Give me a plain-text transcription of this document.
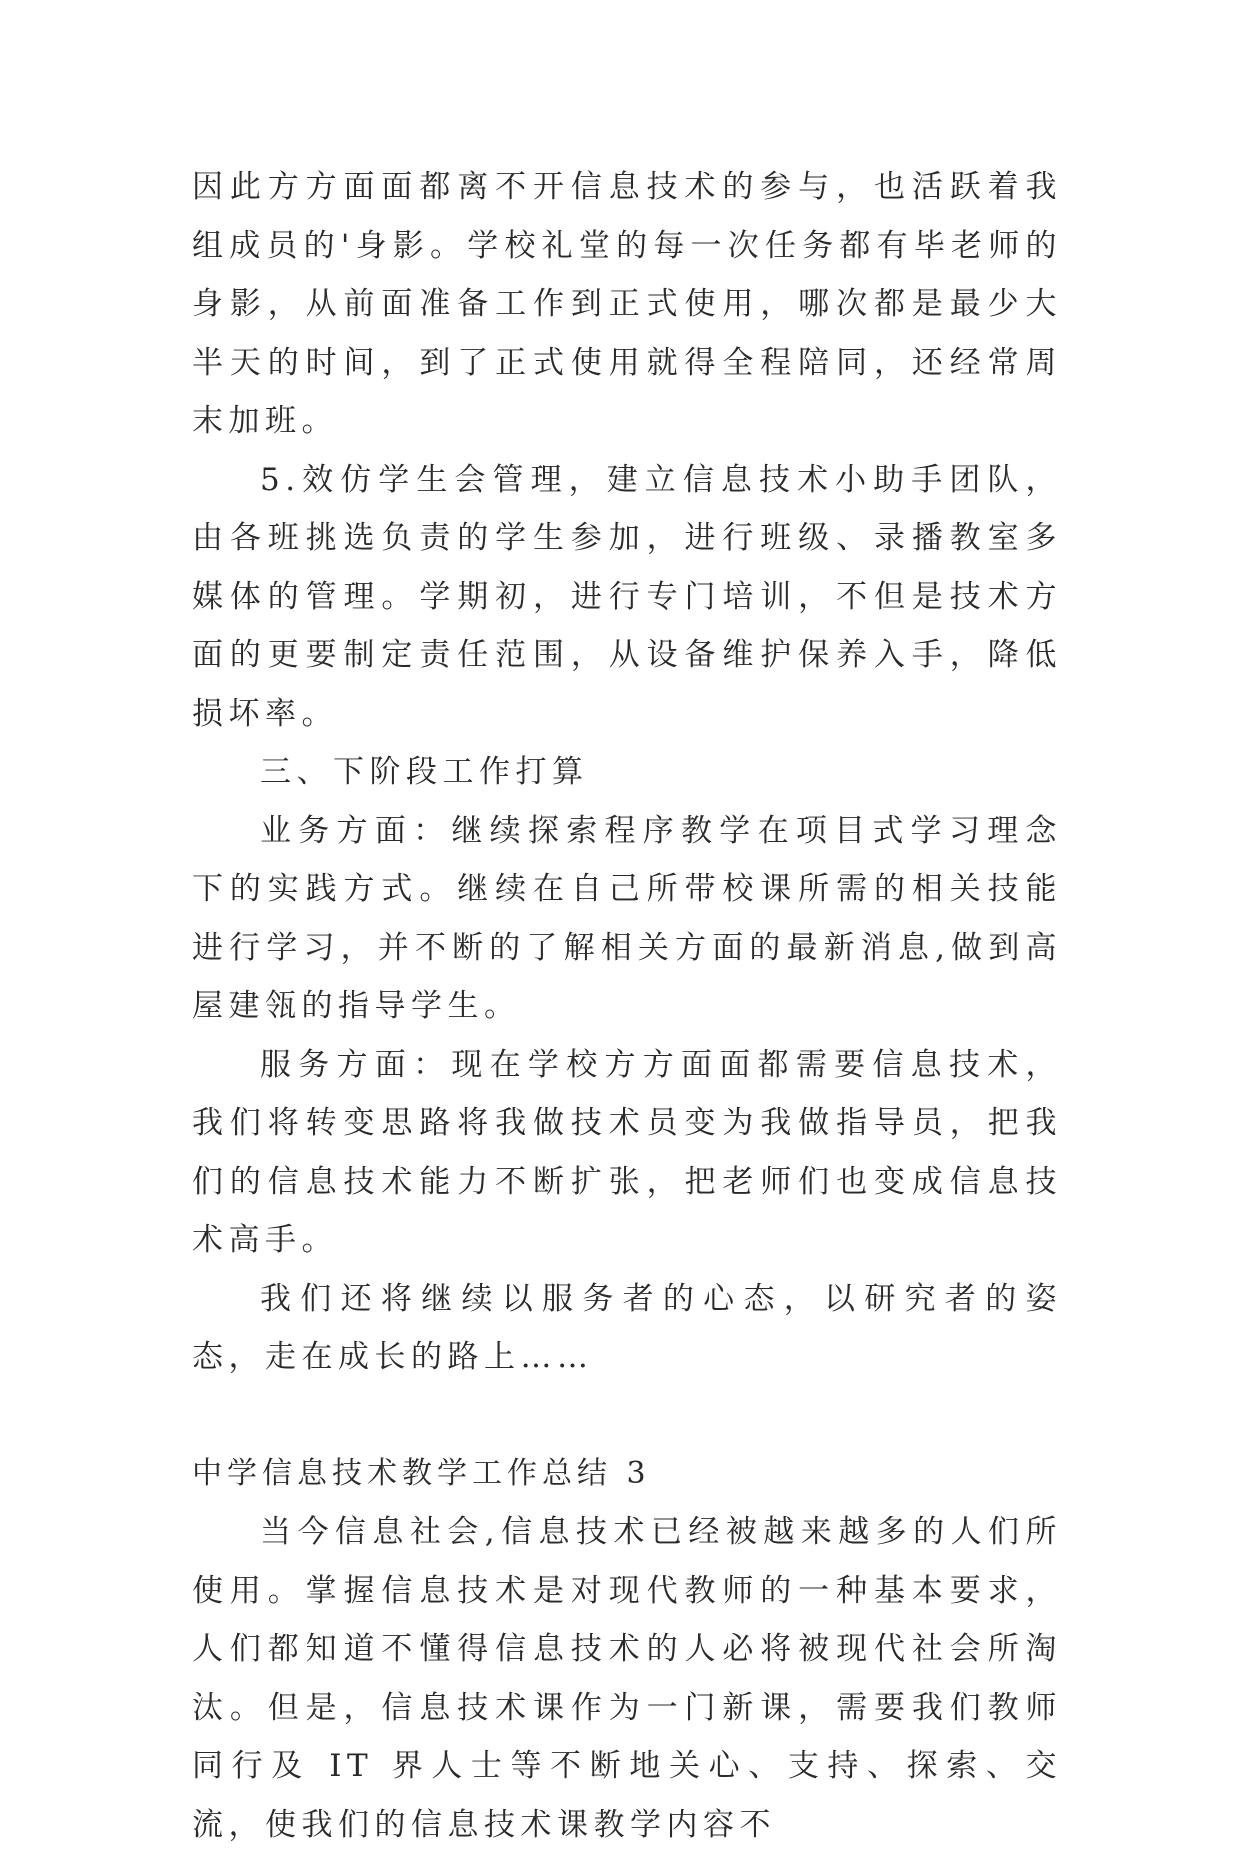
因此方方面面都离不开信息技术的参与，也活跃着我组成员的'身影。学校礼堂的每一次任务都有毕老师的身影，从前面准备工作到正式使用，哪次都是最少大半天的时间，到了正式使用就得全程陪同，还经常周末加班。

5.效仿学生会管理，建立信息技术小助手团队，由各班挑选负责的学生参加，进行班级、录播教室多媒体的管理。学期初，进行专门培训，不但是技术方面的更要制定责任范围，从设备维护保养入手，降低损坏率。

三、下阶段工作打算

业务方面：继续探索程序教学在项目式学习理念下的实践方式。继续在自己所带校课所需的相关技能进行学习，并不断的了解相关方面的最新消息,做到高屋建瓴的指导学生。

服务方面：现在学校方方面面都需要信息技术，我们将转变思路将我做技术员变为我做指导员，把我们的信息技术能力不断扩张，把老师们也变成信息技术高手。

我们还将继续以服务者的心态，以研究者的姿态，走在成长的路上……

中学信息技术教学工作总结 3

当今信息社会,信息技术已经被越来越多的人们所使用。掌握信息技术是对现代教师的一种基本要求，人们都知道不懂得信息技术的人必将被现代社会所淘汰。但是，信息技术课作为一门新课，需要我们教师同行及 IT 界人士等不断地关心、支持、探索、交流，使我们的信息技术课教学内容不
